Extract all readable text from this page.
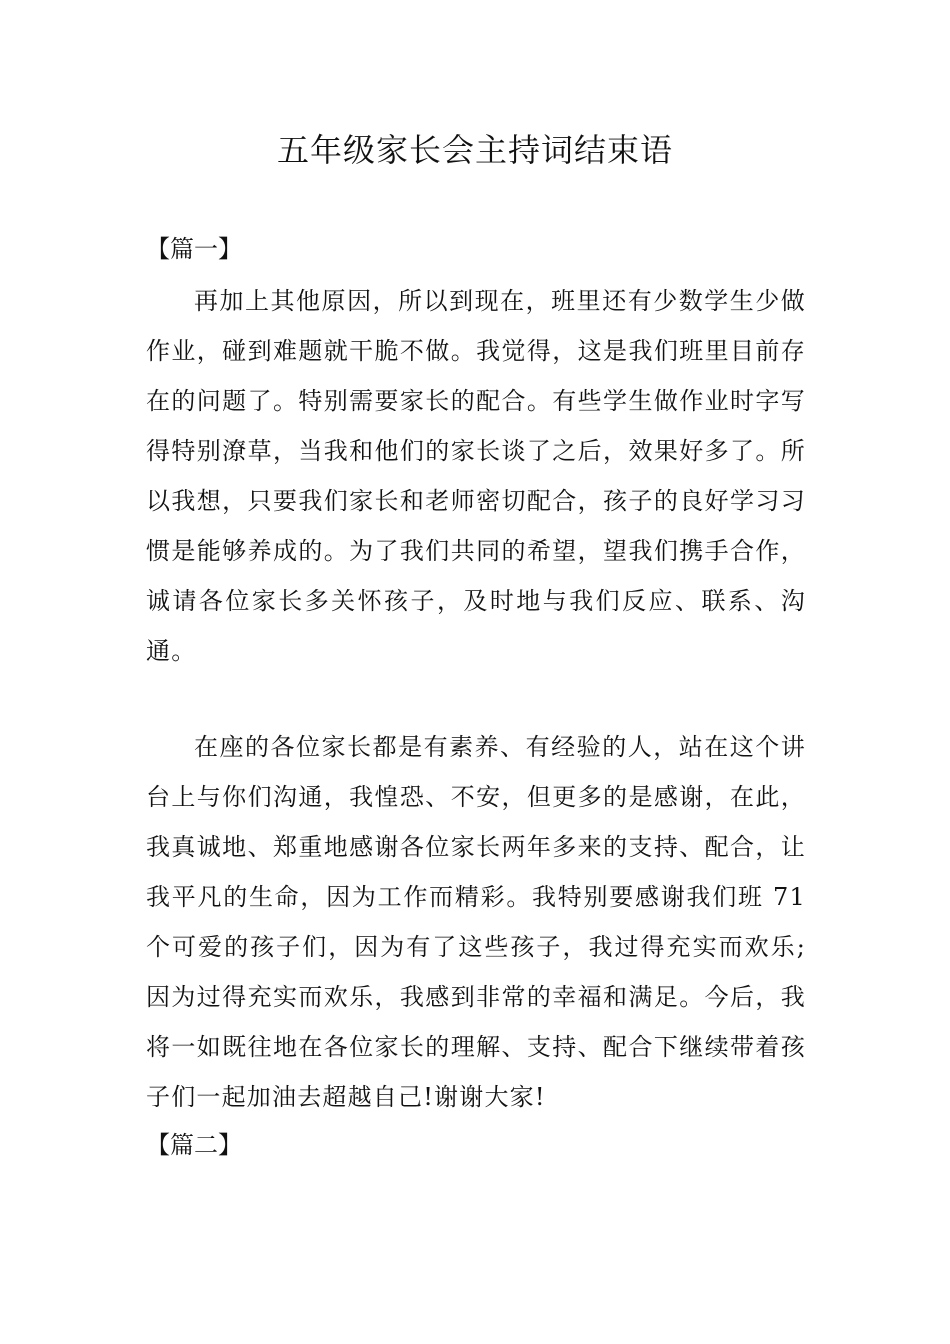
五年级家长会主持词结束语
【篇一】

再加上其他原因，所以到现在，班里还有少数学生少做作业，碰到难题就干脆不做。我觉得，这是我们班里目前存在的问题了。特别需要家长的配合。有些学生做作业时字写得特别潦草，当我和他们的家长谈了之后，效果好多了。所以我想，只要我们家长和老师密切配合，孩子的良好学习习惯是能够养成的。为了我们共同的希望，望我们携手合作，诚请各位家长多关怀孩子，及时地与我们反应、联系、沟通。

在座的各位家长都是有素养、有经验的人，站在这个讲台上与你们沟通，我惶恐、不安，但更多的是感谢，在此，我真诚地、郑重地感谢各位家长两年多来的支持、配合，让我平凡的生命，因为工作而精彩。我特别要感谢我们班 71 个可爱的孩子们，因为有了这些孩子，我过得充实而欢乐;因为过得充实而欢乐，我感到非常的幸福和满足。今后，我将一如既往地在各位家长的理解、支持、配合下继续带着孩子们一起加油去超越自己!谢谢大家!

【篇二】
